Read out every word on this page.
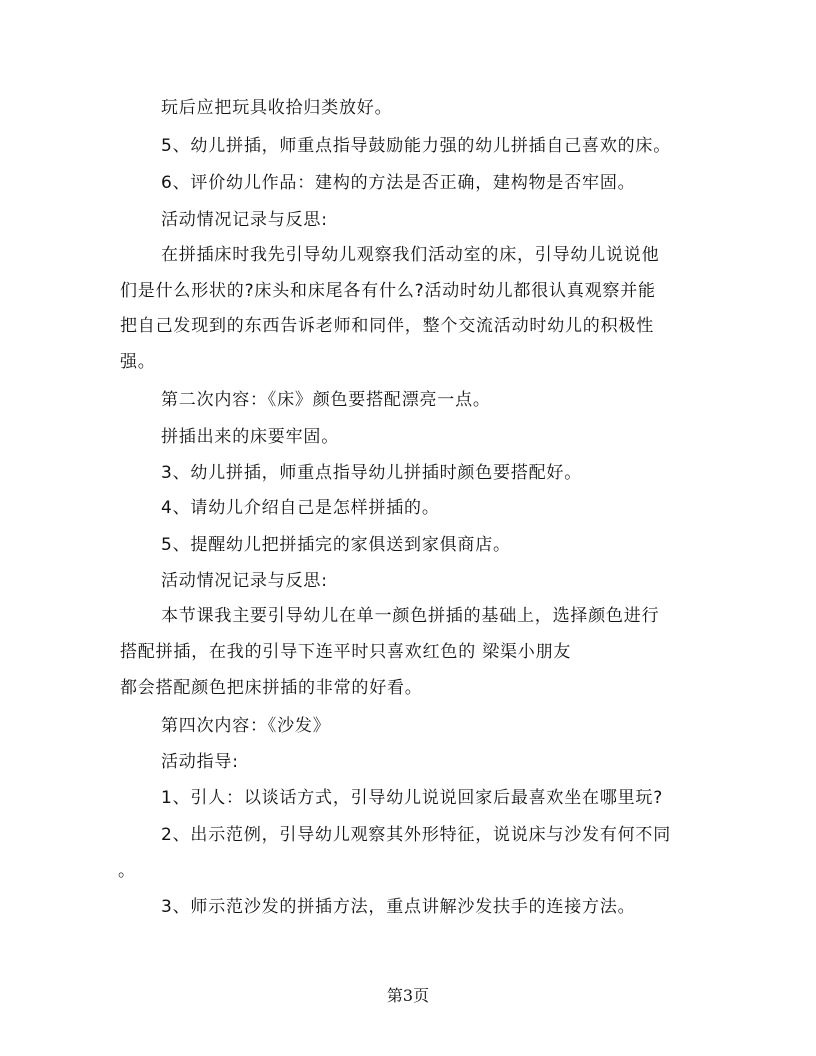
玩后应把玩具收拾归类放好。
5、幼儿拼插，师重点指导鼓励能力强的幼儿拼插自己喜欢的床。
6、评价幼儿作品：建构的方法是否正确，建构物是否牢固。
活动情况记录与反思:
在拼插床时我先引导幼儿观察我们活动室的床，引导幼儿说说他
们是什么形状的?床头和床尾各有什么?活动时幼儿都很认真观察并能
把自己发现到的东西告诉老师和同伴，整个交流活动时幼儿的积极性
强。
第二次内容：《床》颜色要搭配漂亮一点。
拼插出来的床要牢固。
3、幼儿拼插，师重点指导幼儿拼插时颜色要搭配好。
4、请幼儿介绍自己是怎样拼插的。
5、提醒幼儿把拼插完的家俱送到家俱商店。
活动情况记录与反思:
本节课我主要引导幼儿在单一颜色拼插的基础上，选择颜色进行
搭配拼插，在我的引导下连平时只喜欢红色的 梁渠小朋友
都会搭配颜色把床拼插的非常的好看。
第四次内容：《沙发》
活动指导:
1、引人：以谈话方式，引导幼儿说说回家后最喜欢坐在哪里玩?
2、出示范例，引导幼儿观察其外形特征，说说床与沙发有何不同
。
3、师示范沙发的拼插方法，重点讲解沙发扶手的连接方法。
第3页
